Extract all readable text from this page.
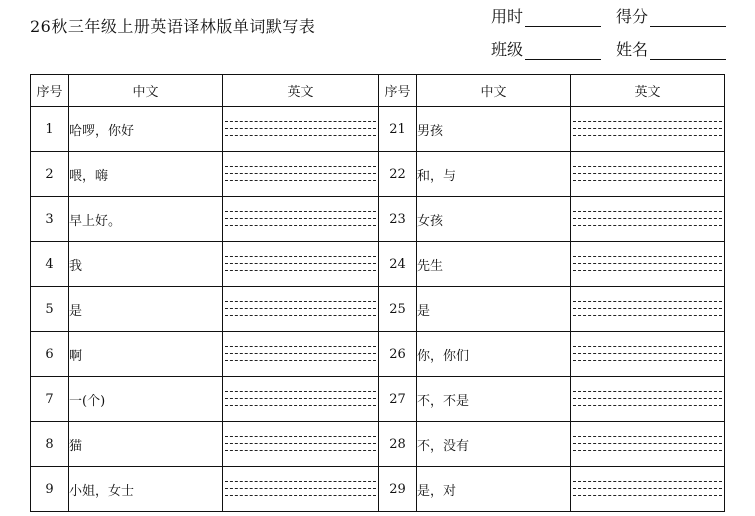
26秋三年级上册英语译林版单词默写表
用时	得分
班级	姓名
序号	中文	英文	序号	中文	英文
1	哈啰，你好		21	男孩	

2	喂，嗨		22	和，与	

3	早上好。		23	女孩	

4	我		24	先生	

5	是		25	是	

6	啊		26	你，你们	

7	一(个)		27	不，不是	

8	猫		28	不，没有	

9	小姐，女士		29	是，对	
